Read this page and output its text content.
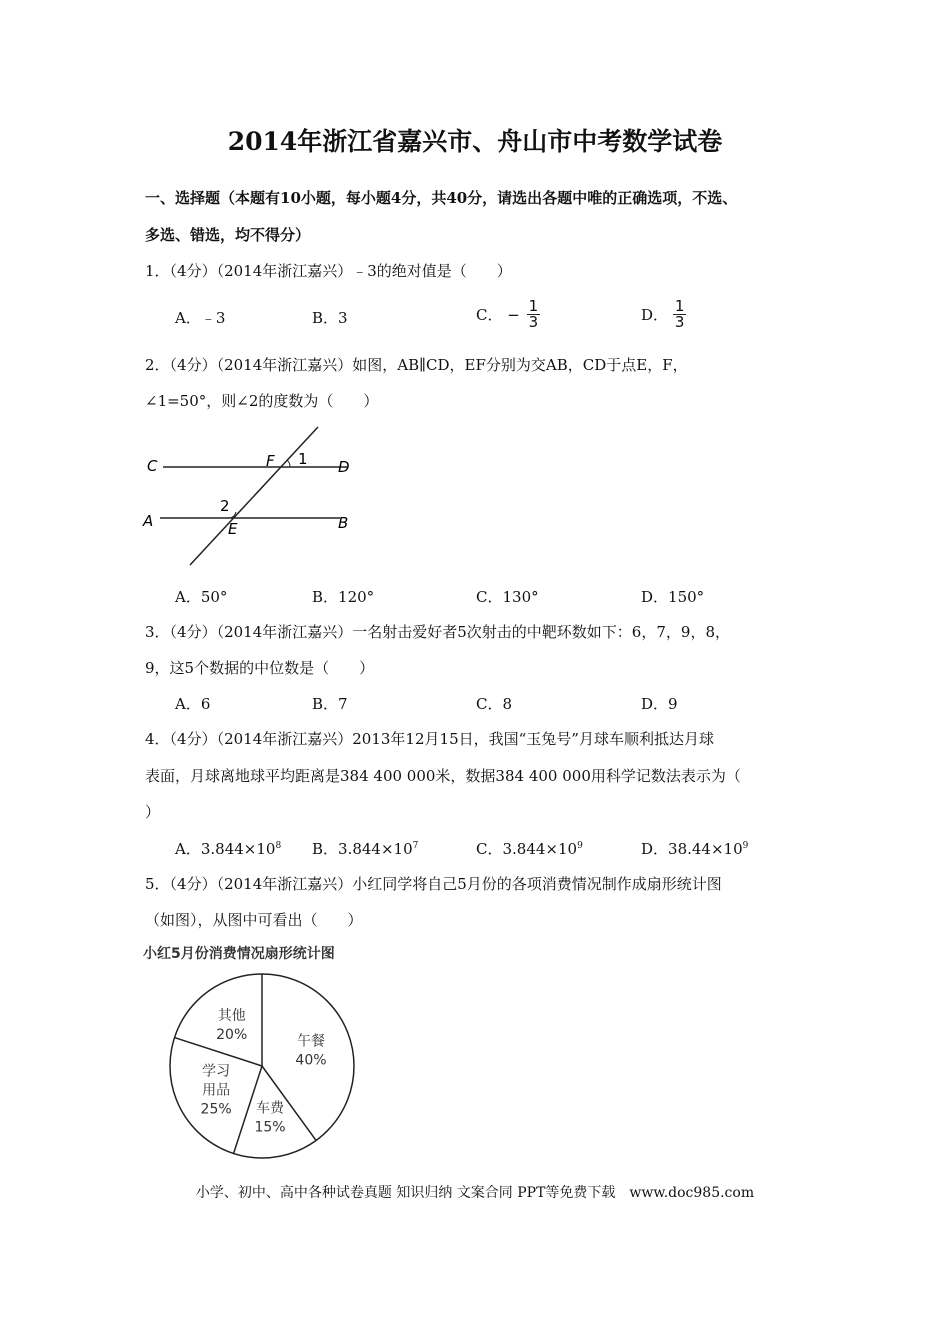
2014年浙江省嘉兴市、舟山市中考数学试卷
一、选择题（本题有10小题，每小题4分，共40分，请选出各题中唯的正确选项，不选、
多选、错选，均不得分）
1．（4分）（2014年浙江嘉兴）﹣3的绝对值是（　　）
A．﹣3	B．3	C． − $\frac{1}{3}$	D． $\frac{1}{3}$
2．（4分）（2014年浙江嘉兴）如图，AB∥CD，EF分别为交AB，CD于点E，F，
∠1=50°，则∠2的度数为（　　）
C	D
A	B
F
E
1
2
A．50°	B．120°	C．130°	D．150°
3．（4分）（2014年浙江嘉兴）一名射击爱好者5次射击的中靶环数如下：6，7，9，8，
9，这5个数据的中位数是（　　）
A．6	B．7	C．8	D．9
4．（4分）（2014年浙江嘉兴）2013年12月15日，我国“玉兔号”月球车顺利抵达月球
表面，月球离地球平均距离是384 400 000米，数据384 400 000用科学记数法表示为（
）
A．$3.844\times 10^8$ B．$3.844\times 10^7$	C．$3.844\times 10^9$	D．$38.44\times 10^9$
5．（4分）（2014年浙江嘉兴）小红同学将自己5月份的各项消费情况制作成扇形统计图
（如图），从图中可看出（　　）
小红5月份消费情况扇形统计图
午餐 40%
车费 15%
学习用品 25%
其他 20%
小学、初中、高中各种试卷真题 知识归纳 文案合同 PPT等免费下载　www.doc985.com
